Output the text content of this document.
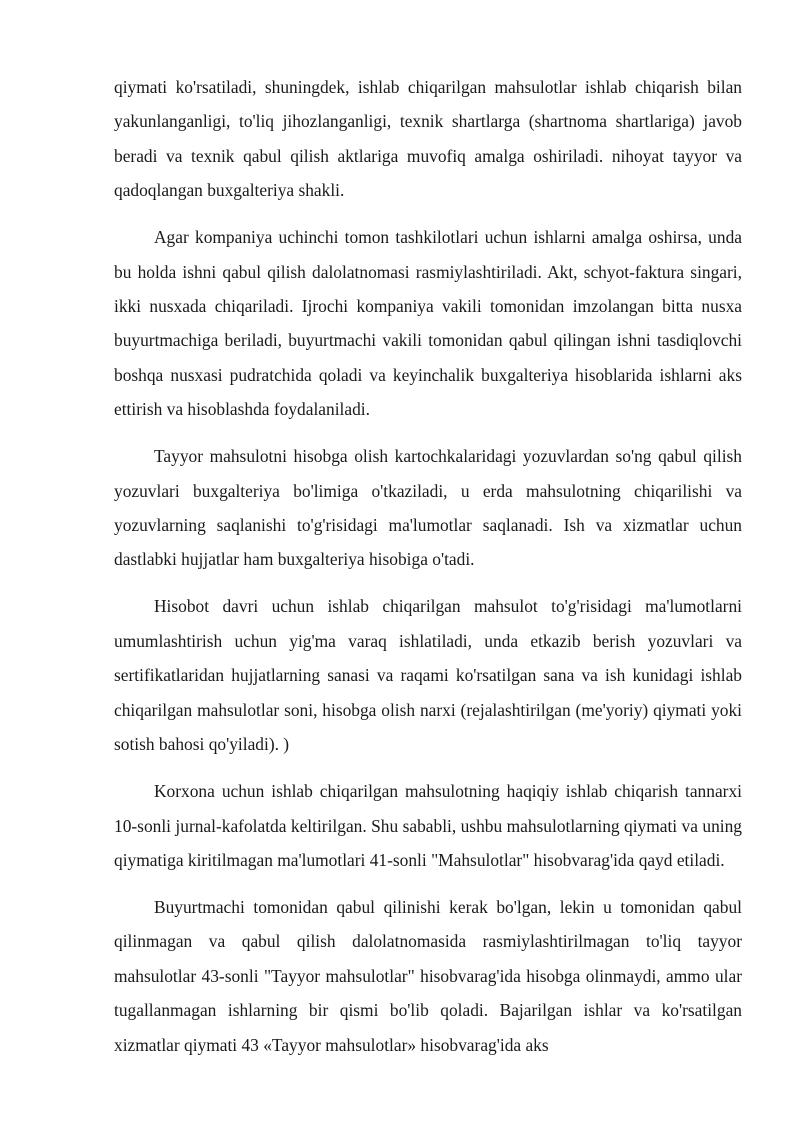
qiymati ko'rsatiladi, shuningdek, ishlab chiqarilgan mahsulotlar ishlab chiqarish bilan yakunlanganligi, to'liq jihozlanganligi, texnik shartlarga (shartnoma shartlariga) javob beradi va texnik qabul qilish aktlariga muvofiq amalga oshiriladi. nihoyat tayyor va qadoqlangan buxgalteriya shakli.

Agar kompaniya uchinchi tomon tashkilotlari uchun ishlarni amalga oshirsa, unda bu holda ishni qabul qilish dalolatnomasi rasmiylashtiriladi. Akt, schyot-faktura singari, ikki nusxada chiqariladi. Ijrochi kompaniya vakili tomonidan imzolangan bitta nusxa buyurtmachiga beriladi, buyurtmachi vakili tomonidan qabul qilingan ishni tasdiqlovchi boshqa nusxasi pudratchida qoladi va keyinchalik buxgalteriya hisoblarida ishlarni aks ettirish va hisoblashda foydalaniladi.

Tayyor mahsulotni hisobga olish kartochkalaridagi yozuvlardan so'ng qabul qilish yozuvlari buxgalteriya bo'limiga o'tkaziladi, u erda mahsulotning chiqarilishi va yozuvlarning saqlanishi to'g'risidagi ma'lumotlar saqlanadi. Ish va xizmatlar uchun dastlabki hujjatlar ham buxgalteriya hisobiga o'tadi.

Hisobot davri uchun ishlab chiqarilgan mahsulot to'g'risidagi ma'lumotlarni umumlashtirish uchun yig'ma varaq ishlatiladi, unda etkazib berish yozuvlari va sertifikatlaridan hujjatlarning sanasi va raqami ko'rsatilgan sana va ish kunidagi ishlab chiqarilgan mahsulotlar soni, hisobga olish narxi (rejalashtirilgan (me'yoriy) qiymati yoki sotish bahosi qo'yiladi). )

Korxona uchun ishlab chiqarilgan mahsulotning haqiqiy ishlab chiqarish tannarxi 10-sonli jurnal-kafolatda keltirilgan. Shu sababli, ushbu mahsulotlarning qiymati va uning qiymatiga kiritilmagan ma'lumotlari 41-sonli "Mahsulotlar" hisobvarag'ida qayd etiladi.

Buyurtmachi tomonidan qabul qilinishi kerak bo'lgan, lekin u tomonidan qabul qilinmagan va qabul qilish dalolatnomasida rasmiylashtirilmagan to'liq tayyor mahsulotlar 43-sonli "Tayyor mahsulotlar" hisobvarag'ida hisobga olinmaydi, ammo ular tugallanmagan ishlarning bir qismi bo'lib qoladi. Bajarilgan ishlar va ko'rsatilgan xizmatlar qiymati 43 «Tayyor mahsulotlar» hisobvarag'ida aks
